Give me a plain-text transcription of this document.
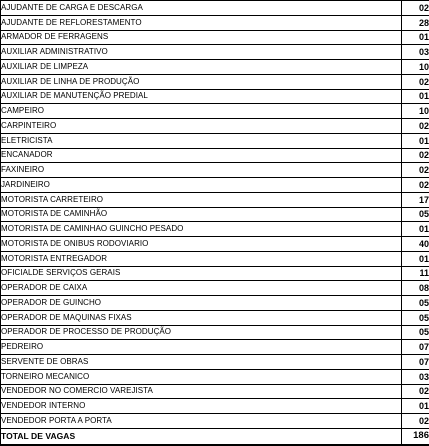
AJUDANTE DE CARGA E DESCARGA	02
AJUDANTE DE REFLORESTAMENTO	28
ARMADOR DE FERRAGENS	01
AUXILIAR ADMINISTRATIVO	03
AUXILIAR DE LIMPEZA	10
AUXILIAR DE LINHA DE PRODUÇÃO	02
AUXILIAR DE MANUTENÇÃO PREDIAL	01
CAMPEIRO	10
CARPINTEIRO	02
ELETRICISTA	01
ENCANADOR	02
FAXINEIRO	02
JARDINEIRO	02
MOTORISTA CARRETEIRO	17
MOTORISTA DE CAMINHÃO	05
MOTORISTA DE CAMINHAO GUINCHO PESADO	01
MOTORISTA DE ONIBUS RODOVIARIO	40
MOTORISTA ENTREGADOR	01
OFICIALDE SERVIÇOS GERAIS	11
OPERADOR DE CAIXA	08
OPERADOR DE GUINCHO	05
OPERADOR DE MAQUINAS FIXAS	05
OPERADOR DE PROCESSO DE PRODUÇÃO	05
PEDREIRO	07
SERVENTE DE OBRAS	07
TORNEIRO MECANICO	03
VENDEDOR NO COMERCIO VAREJISTA	02
VENDEDOR INTERNO	01
VENDEDOR PORTA A PORTA	02
TOTAL DE VAGAS	186
